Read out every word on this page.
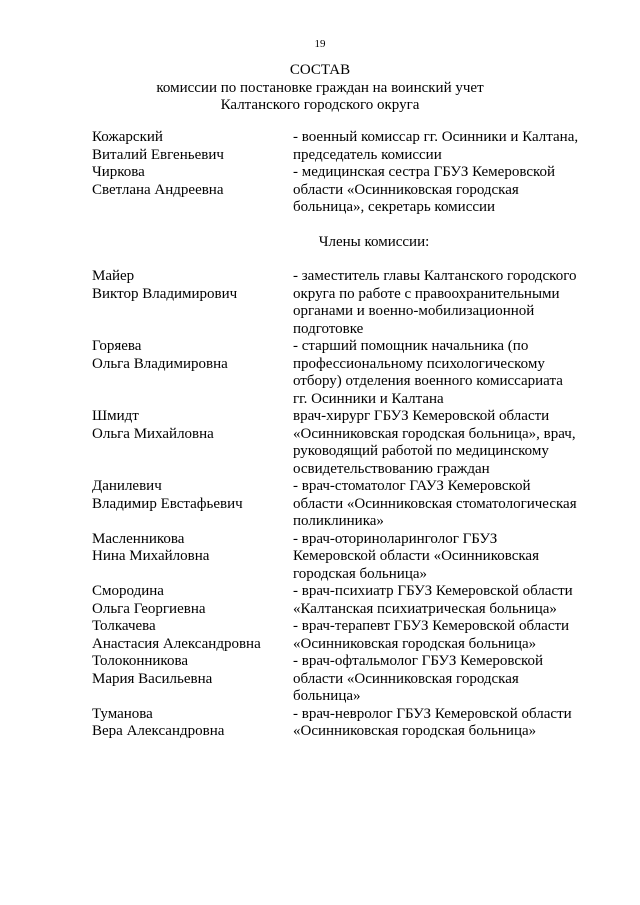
19
СОСТАВ
комиссии по постановке граждан на воинский учет
Калтанского городского округа
Кожарский
Виталий Евгеньевич
- военный комиссар гг. Осинники и Калтана,
председатель комиссии
Чиркова
Светлана Андреевна
- медицинская сестра ГБУЗ Кемеровской
области «Осинниковская городская
больница», секретарь комиссии
Члены комиссии:
Майер
Виктор Владимирович
- заместитель главы Калтанского городского
округа по работе с правоохранительными
органами и военно-мобилизационной
подготовке
Горяева
Ольга Владимировна
- старший помощник начальника (по
профессиональному психологическому
отбору) отделения военного комиссариата
гг. Осинники и Калтана
Шмидт
Ольга Михайловна
врач-хирург ГБУЗ Кемеровской области
«Осинниковская городская больница», врач,
руководящий работой по медицинскому
освидетельствованию граждан
Данилевич
Владимир Евстафьевич
- врач-стоматолог ГАУЗ Кемеровской
области «Осинниковская стоматологическая
поликлиника»
Масленникова
Нина Михайловна
- врач-оториноларинголог ГБУЗ
Кемеровской области «Осинниковская
городская больница»
Смородина
Ольга Георгиевна
- врач-психиатр ГБУЗ Кемеровской области
«Калтанская психиатрическая больница»
Толкачева
Анастасия Александровна
- врач-терапевт ГБУЗ Кемеровской области
«Осинниковская городская больница»
Толоконникова
Мария Васильевна
- врач-офтальмолог ГБУЗ Кемеровской
области «Осинниковская городская
больница»
Туманова
Вера Александровна
- врач-невролог ГБУЗ Кемеровской области
«Осинниковская городская больница»
